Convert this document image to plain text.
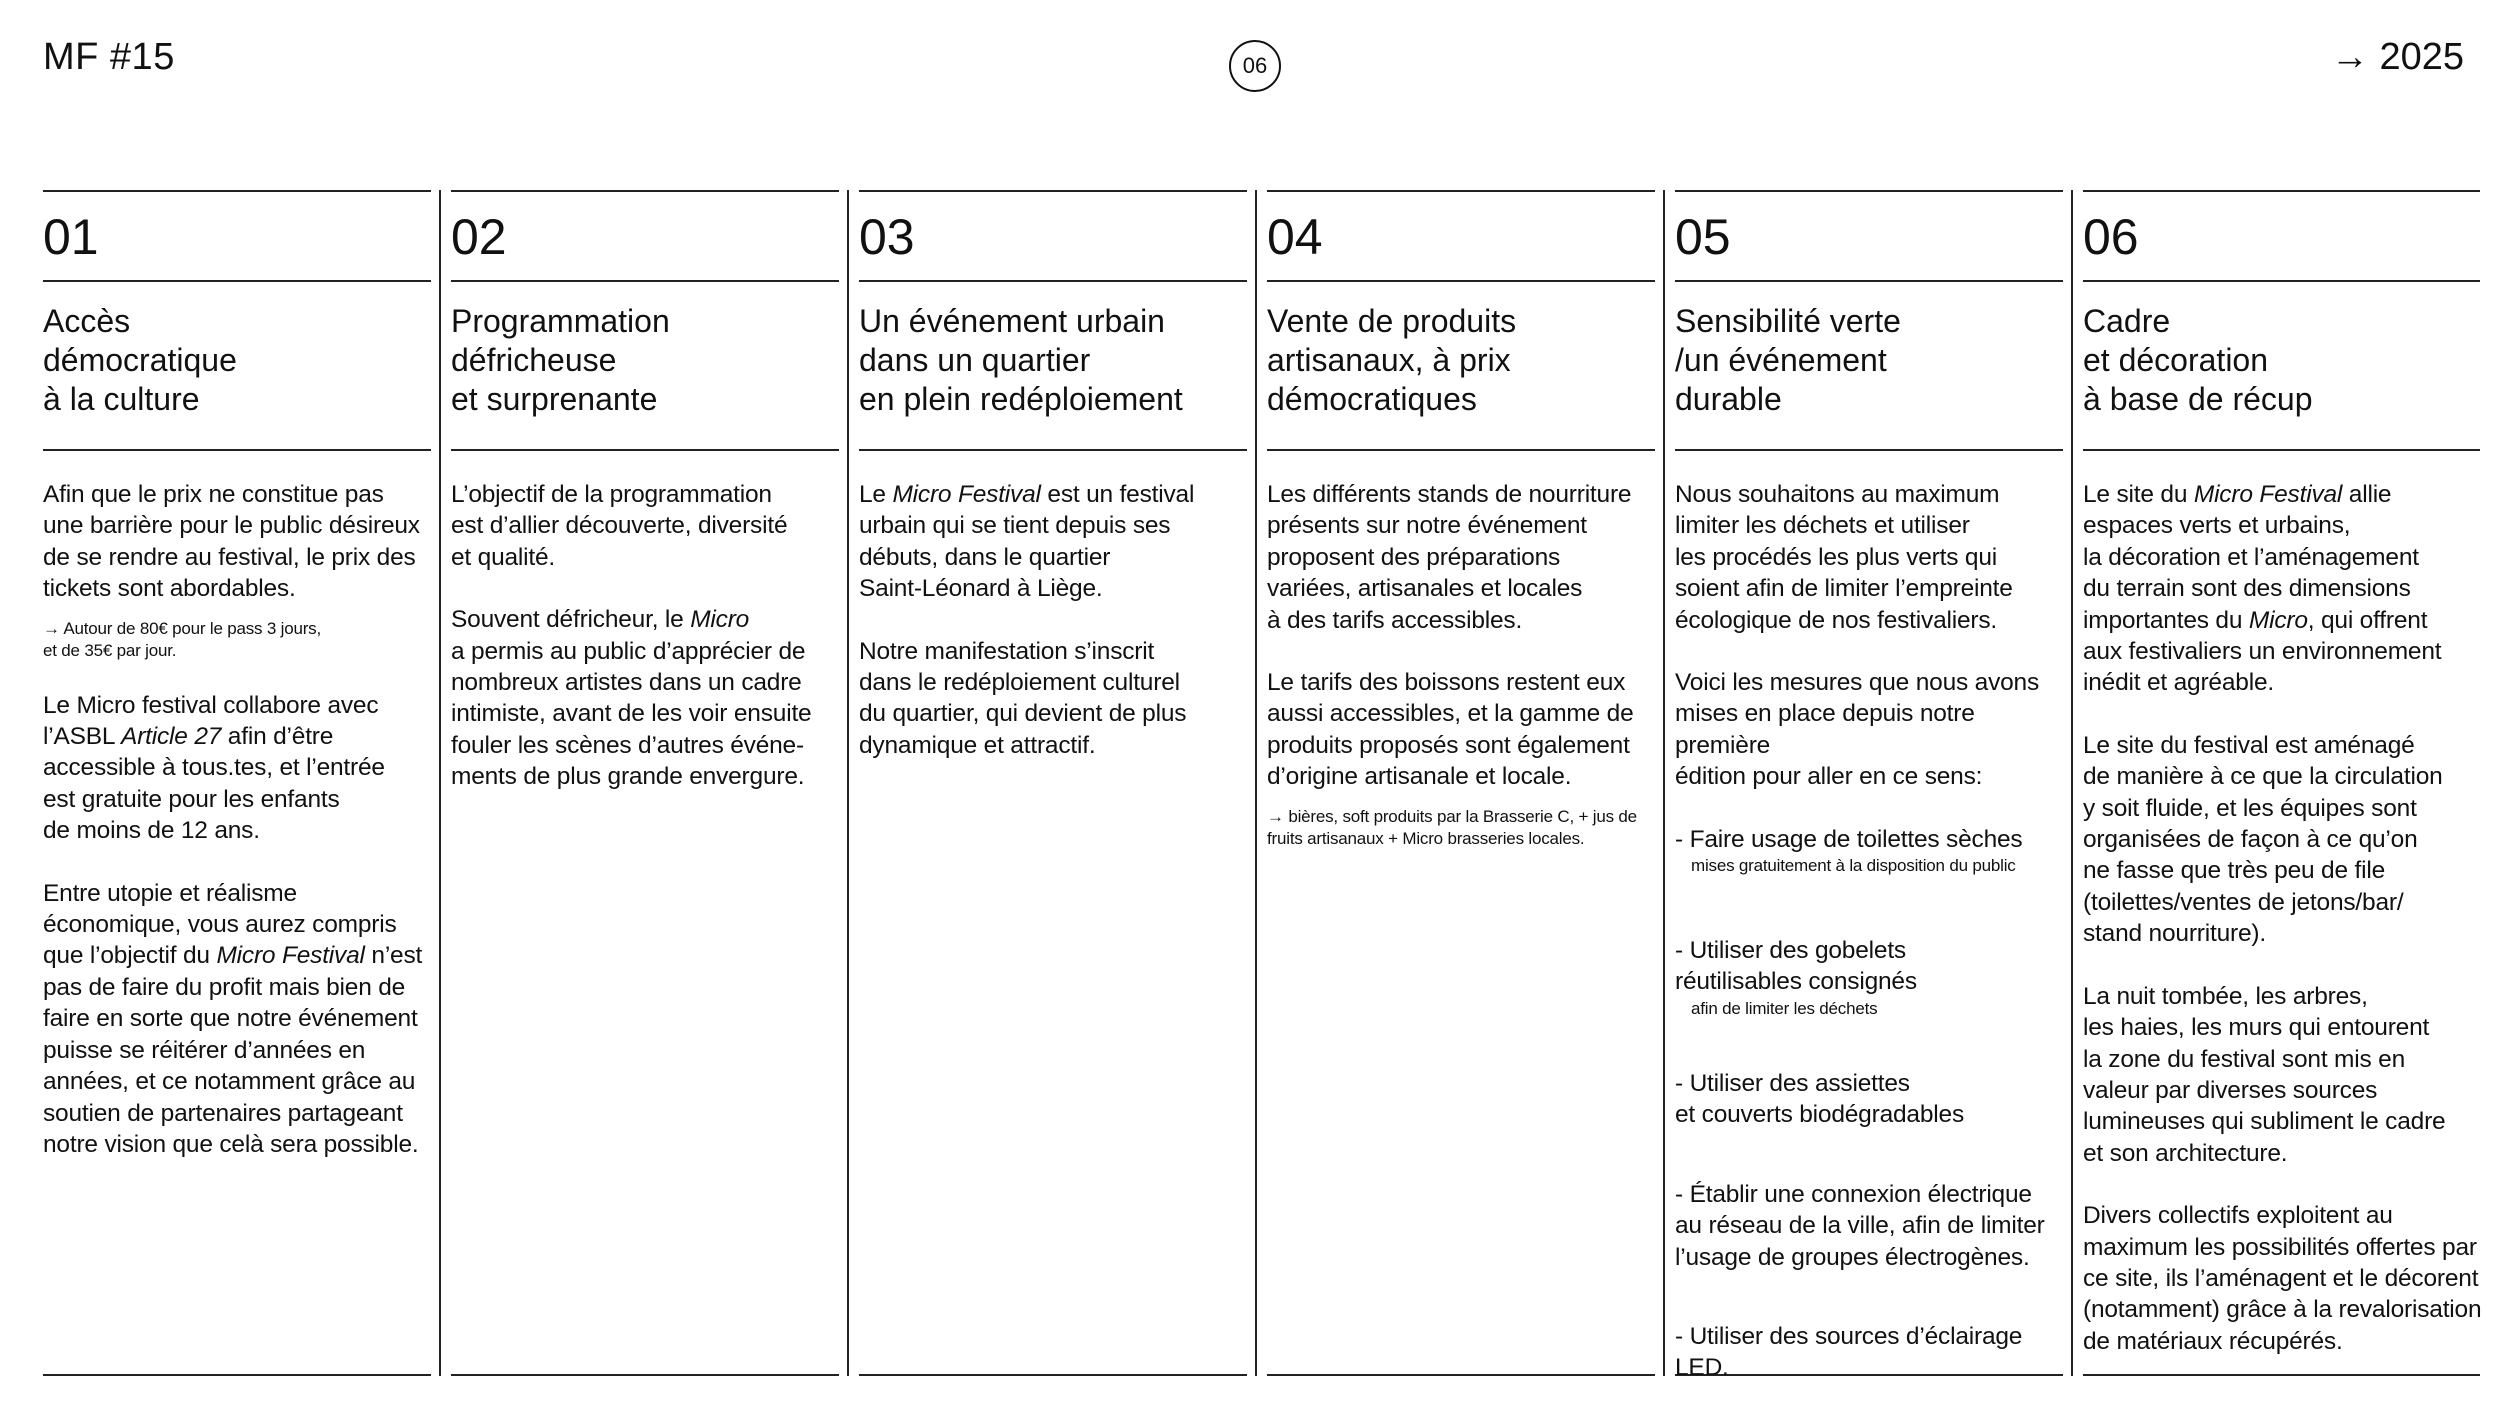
MF #15	06	→ 2025
01
Accès
démocratique
à la culture

Afin que le prix ne constitue pas
une barrière pour le public désireux
de se rendre au festival, le prix des
tickets sont abordables.

→ Autour de 80€ pour le pass 3 jours,
et de 35€ par jour.

Le Micro festival collabore avec
l’ASBL Article 27 afin d’être
accessible à tous.tes, et l’entrée
est gratuite pour les enfants
de moins de 12 ans.

Entre utopie et réalisme
économique, vous aurez compris
que l’objectif du Micro Festival n’est
pas de faire du profit mais bien de
faire en sorte que notre événement
puisse se réitérer d’années en
années, et ce notamment grâce au
soutien de partenaires partageant
notre vision que celà sera possible.

02
Programmation
défricheuse
et surprenante

L’objectif de la programmation
est d’allier découverte, diversité
et qualité.

Souvent défricheur, le Micro
a permis au public d’apprécier de
nombreux artistes dans un cadre
intimiste, avant de les voir ensuite
fouler les scènes d’autres événe-
ments de plus grande envergure.

03
Un événement urbain
dans un quartier
en plein redéploiement

Le Micro Festival est un festival
urbain qui se tient depuis ses
débuts, dans le quartier
Saint-Léonard à Liège.

Notre manifestation s’inscrit
dans le redéploiement culturel
du quartier, qui devient de plus
dynamique et attractif.

04
Vente de produits
artisanaux, à prix
démocratiques

Les différents stands de nourriture
présents sur notre événement
proposent des préparations
variées, artisanales et locales
à des tarifs accessibles.

Le tarifs des boissons restent eux
aussi accessibles, et la gamme de
produits proposés sont également
d’origine artisanale et locale.

→ bières, soft produits par la Brasserie C, + jus de
fruits artisanaux + Micro brasseries locales.
05
Sensibilité verte
/un événement
durable

Nous souhaitons au maximum
limiter les déchets et utiliser
les procédés les plus verts qui
soient afin de limiter l’empreinte
écologique de nos festivaliers.

Voici les mesures que nous avons
mises en place depuis notre première
édition pour aller en ce sens:

- Faire usage de toilettes sèches
mises gratuitement à la disposition du public
- Utiliser des gobelets
réutilisables consignés
afin de limiter les déchets
- Utiliser des assiettes
et couverts biodégradables
- Établir une connexion électrique
au réseau de la ville, afin de limiter
l’usage de groupes électrogènes.
- Utiliser des sources d’éclairage LED.
06
Cadre
et décoration
à base de récup

Le site du Micro Festival allie
espaces verts et urbains,
la décoration et l’aménagement
du terrain sont des dimensions
importantes du Micro, qui offrent
aux festivaliers un environnement
inédit et agréable.

Le site du festival est aménagé
de manière à ce que la circulation
y soit fluide, et les équipes sont
organisées de façon à ce qu’on
ne fasse que très peu de file
(toilettes/ventes de jetons/bar/
stand nourriture).

La nuit tombée, les arbres,
les haies, les murs qui entourent
la zone du festival sont mis en
valeur par diverses sources
lumineuses qui subliment le cadre
et son architecture.

Divers collectifs exploitent au
maximum les possibilités offertes par
ce site, ils l’aménagent et le décorent
(notamment) grâce à la revalorisation
de matériaux récupérés.
